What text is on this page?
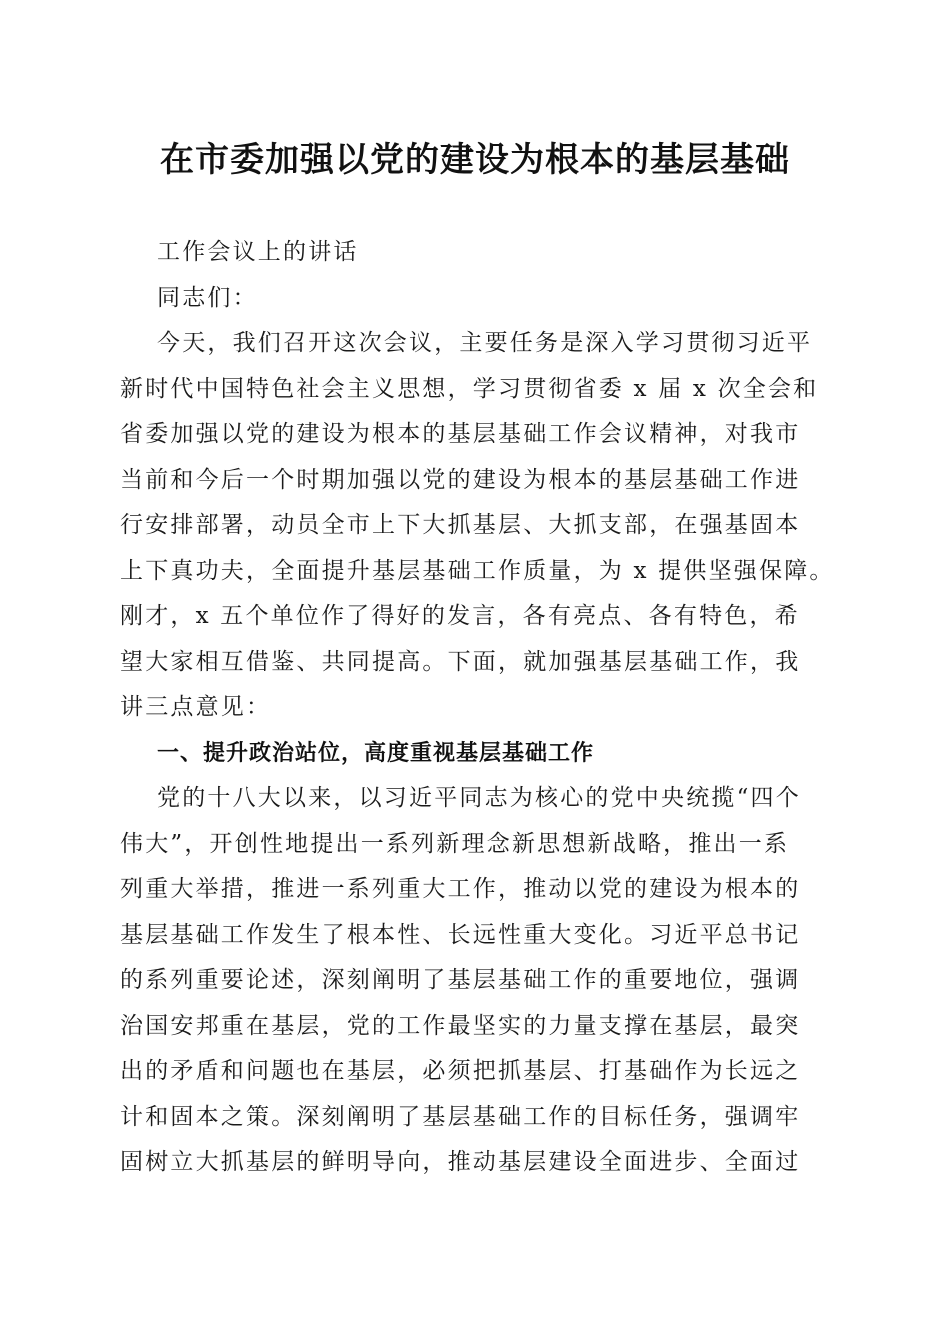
在市委加强以党的建设为根本的基层基础
工作会议上的讲话
同志们：
今天，我们召开这次会议，主要任务是深入学习贯彻习近平
新时代中国特色社会主义思想，学习贯彻省委 x 届 x 次全会和
省委加强以党的建设为根本的基层基础工作会议精神，对我市
当前和今后一个时期加强以党的建设为根本的基层基础工作进
行安排部署，动员全市上下大抓基层、大抓支部，在强基固本
上下真功夫，全面提升基层基础工作质量，为 x 提供坚强保障。
刚才，x 五个单位作了得好的发言，各有亮点、各有特色，希
望大家相互借鉴、共同提高。下面，就加强基层基础工作，我
讲三点意见：
一、提升政治站位，高度重视基层基础工作
党的十八大以来，以习近平同志为核心的党中央统揽“四个
伟大”，开创性地提出一系列新理念新思想新战略，推出一系
列重大举措，推进一系列重大工作，推动以党的建设为根本的
基层基础工作发生了根本性、长远性重大变化。习近平总书记
的系列重要论述，深刻阐明了基层基础工作的重要地位，强调
治国安邦重在基层，党的工作最坚实的力量支撑在基层，最突
出的矛盾和问题也在基层，必须把抓基层、打基础作为长远之
计和固本之策。深刻阐明了基层基础工作的目标任务，强调牢
固树立大抓基层的鲜明导向，推动基层建设全面进步、全面过
